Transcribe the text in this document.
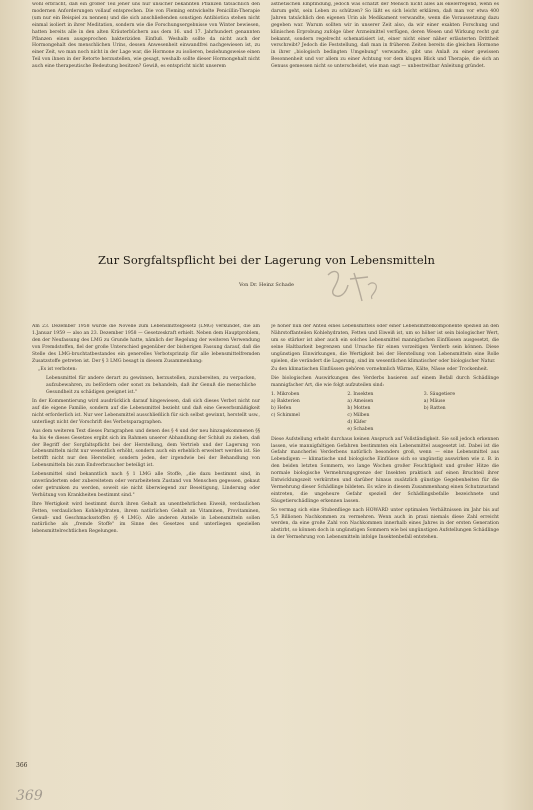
wohl erbracht, daß ein großer Teil jener uns nur unsicher bekannten Pflanzen tatsächlich den modernen Anforderungen vollauf entsprechen. Die von Fleming entwickelte Penicillin-Therapie (um nur ein Beispiel zu nennen) und die sich anschließenden sonstigen Antibiotica stehen nicht einmal isoliert in ihrer Meditation, sondern wie die Forschungsergebnisse von Winter bewiesen, hatten bereits alle in den alten Kräuterbüchern aus dem 16. und 17. Jahrhundert genannten Pflanzen einen ausgeprochen bakteriziden Einfluß. Weshalb sollte da nicht auch der Hormongehalt des menschlichen Urins, dessen Anwesenheit einwandfrei nachgewiesen ist, zu einer Zeit, wo man noch nicht in der Lage war, die Hormone zu isolieren, beziehungsweise einen Teil von ihnen in der Retorte herzustellen, wie gesagt, weshalb sollte dieser Hormongehalt nicht auch eine therapeutische Bedeutung besitzen? Gewiß, es entspricht nicht unserem

ästhetischen Empfindung, jedoch was schätzt der Mensch nicht alles als ekelerregend, wenn es darum geht, sein Leben zu schützen? So läßt es sich leicht erklären, daß man vor etwa 400 Jahren tatsächlich den eigenen Urin als Medikament verwandte, wenn die Voraussetzung dazu gegeben war. Warum sollten wir in unserer Zeit also, da wir einer exakten Forschung und klinischen Erprobung zufolge über Arzneimittel verfügen, deren Wesen und Wirkung recht gut bekannt, sondern regelrecht schematisiert ist, einer nicht einer näher erläuterten Drittheit verschreibt? Jedoch die Feststellung, daß man in früheren Zeiten bereits die gleichen Hormone in ihrer „biologisch bedingten Umgebung" verwandte, gibt uns Anlaß zu einer gewissen Besonnenheit und vor allem zu einer Achtung vor dem klugen Blick und Therapie, die sich an Genuss gemessen nicht so unterscheidet, wie man sagt — unbestreitbar Anleitung gründet.

Zur Sorgfaltspflicht bei der Lagerung von Lebensmitteln
Von Dr. Heinz Schade

Am 23. Dezember 1958 wurde die Novelle zum Lebensmittelgesetz (LMG) verkündet, die am 1.Januar 1959 — also an 23. Dezember 1958 — Gesetzeskraft erhielt. Neben dem Hauptproblem, den der Neufassung des LMG zu Grunde hatte, nämlich der Regelung der weiteren Verwendung von Fremdstoffen, fiel der große Unterschied gegenüber der bisherigen Fassung darauf, daß die Stelle des LMG-bruchtatbestandes ein generelles Verbotsprinzip für alle lebensmittelfremden Zusatzstoffe getreten ist. Der § 3 LMG besagt in diesem Zusammenhang:

„Es ist verboten:

Lebensmittel für andere derart zu gewinnen, herzustellen, zuzubereiten, zu verpacken, aufzubewahren, zu befördern oder sonst zu behandeln, daß ihr Genuß die menschliche Gesundheit zu schädigen geeignet ist."

In der Kommentierung wird ausdrücklich darauf hingewiesen, daß sich dieses Verbot nicht nur auf die eigene Familie, sondern auf die Lebensmittel bezieht und daß eine Gewerbsmäßigkeit nicht erforderlich ist. Nur wer Lebensmittel ausschließlich für sich selbst gewinnt, herstellt usw., unterliegt nicht der Vorschrift des Verbotsparagraphen.

Aus dem weiteren Text dieses Paragraphen und denen des § 4 und der neu hinzugekommenen §§ 4a bis 4e dieses Gesetzes ergibt sich im Rahmen unserer Abhandlung der Schluß zu ziehen, daß der Begriff der Sorgfaltspflicht bei der Herstellung, dem Vertrieb und der Lagerung von Lebensmitteln nicht nur wesentlich erhöht, sondern auch ein erheblich erweitert werden ist. Sie betrifft nicht nur den Hersteller, sondern jeden, der irgendwie bei der Behandlung von Lebensmitteln bis zum Endverbraucher beteiligt ist.

Lebensmittel sind bekanntlich nach § 1 LMG alle Stoffe, „die dazu bestimmt sind, in unverändertem oder zubereitetem oder verarbeitetem Zustand von Menschen gegessen, gekaut oder getrunken zu werden, soweit sie nicht überwiegend zur Beseitigung, Linderung oder Verhütung von Krankheiten bestimmt sind."

Ihre Wertigkeit wird bestimmt durch ihren Gehalt an unentbehrlichen Eiweiß, verdaulichen Fetten, verdaulichen Kohlehydraten, ihrem natürlichen Gehalt an Vitaminen, Provitaminen, Genuß- und Geschmacksstoffen (§ 4 LMG). Alle anderen Anteile in Lebensmitteln sollen natürliche als „fremde Stoffe" im Sinne des Gesetzes und unterliegen speziellen lebensmittelrechtlichen Regelungen.

Je höher nun der Anteil eines Lebensmittels oder einer Lebensmittelkomponente speziell an den Nährstoffanteilen Kohlehydraten, Fetten und Eiweiß ist, um so höher ist sein biologischer Wert, um so stärker ist aber auch ein solches Lebensmittel mannigfachen Einflüssen ausgesetzt, die seine Haltbarkeit begrenzen und Ursache für einen vorzeitigen Verderb sein können. Diese ungünstigen Einwirkungen, die Wertigkeit bei der Herstellung von Lebensmitteln eine Rolle spielen, die verändert die Lagerung, sind im wesentlichen klimatischer oder biologischer Natur.

Zu den klimatischen Einflüssen gehören vornehmlich Wärme, Kälte, Nässe oder Trockenheit.

Die biologischen Auswirkungen des Verderbs basieren auf einem Befall durch Schädlinge mannigfacher Art, die wie folgt aufzuteilen sind:

1. Mikroben
a) Bakterien
b) Hefen
c) Schimmel
2. Insekten
a) Ameisen
b) Motten
c) Milben
d) Käfer
e) Schaben
3. Säugetiere
a) Mäuse
b) Ratten

Diese Aufstellung erhebt durchaus keinen Anspruch auf Vollständigkeit. Sie soll jedoch erkennen lassen, wie mannigfaltigen Gefahren bestimmten ein Lebensmittel ausgesetzt ist. Dabei ist die Gefahr mancherlei Verderbens natürlich besonders groß, wenn — eine Lebensmittel aus Lebendigem — klimatische und biologische Einflüsse sich so ungünstig auswirken wie z. B. in den beiden letzten Sommern, wo lange Wochen großer Feuchtigkeit und großer Hitze die normale biologische Vermehrungsgrenze der Insekten praktisch auf einen Bruchteil ihrer Entwicklungszeit verkürzten und darüber hinaus zusätzlich günstige Gegebenheiten für die Vermehrung dieser Schädlinge bildeten. Es wäre in diesem Zusammenhang einen Schutzzustand eintreten, die ungeheure Gefahr speziell der Schädlingsbefalle bezeichnete und Säugetierschädlinge erkennen lassen.

So vermag sich eine Stubenfliege nach HOWARD unter optimalen Verhältnissen im Jahr bis auf 5,5 Billionen Nachkommen zu vermehren. Wenn auch in praxi niemals diese Zahl erreicht werden, da eine große Zahl von Nachkommen innerhalb eines Jahres in der ersten Generation abstirbt, so können doch in ungünstigen Sommern wie bei ungünstigen Aufstellungen Schädlinge in der Vermehrung von Lebensmitteln infolge Insektenbefall entstehen.

366
369
